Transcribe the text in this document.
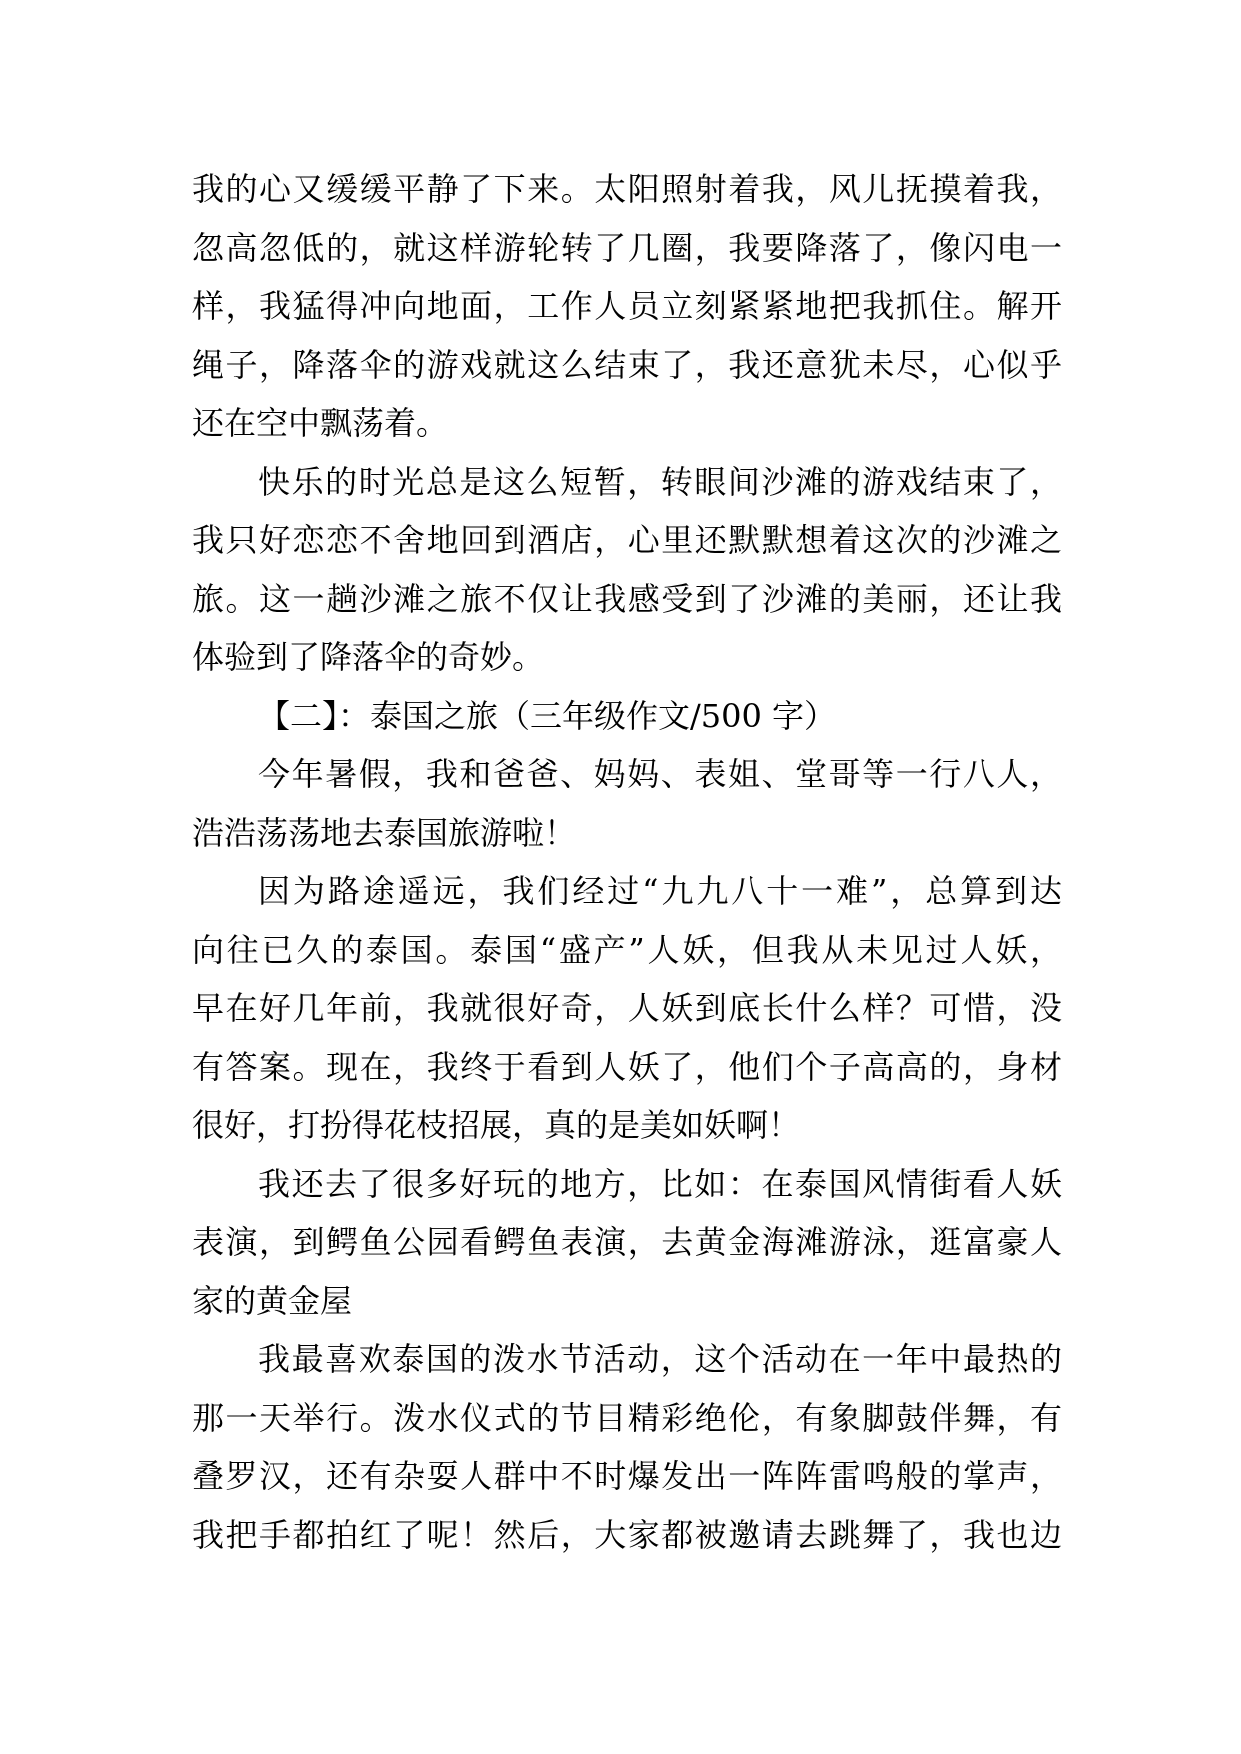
我的心又缓缓平静了下来。太阳照射着我，风儿抚摸着我，
忽高忽低的，就这样游轮转了几圈，我要降落了，像闪电一
样，我猛得冲向地面，工作人员立刻紧紧地把我抓住。解开
绳子，降落伞的游戏就这么结束了，我还意犹未尽，心似乎
还在空中飘荡着。
快乐的时光总是这么短暂，转眼间沙滩的游戏结束了，
我只好恋恋不舍地回到酒店，心里还默默想着这次的沙滩之
旅。这一趟沙滩之旅不仅让我感受到了沙滩的美丽，还让我
体验到了降落伞的奇妙。
【二】：泰国之旅（三年级作文/500 字）
今年暑假，我和爸爸、妈妈、表姐、堂哥等一行八人，
浩浩荡荡地去泰国旅游啦！
因为路途遥远，我们经过“九九八十一难”，总算到达
向往已久的泰国。泰国“盛产”人妖，但我从未见过人妖，
早在好几年前，我就很好奇，人妖到底长什么样？可惜，没
有答案。现在，我终于看到人妖了，他们个子高高的，身材
很好，打扮得花枝招展，真的是美如妖啊！
我还去了很多好玩的地方，比如：在泰国风情街看人妖
表演，到鳄鱼公园看鳄鱼表演，去黄金海滩游泳，逛富豪人
家的黄金屋
我最喜欢泰国的泼水节活动，这个活动在一年中最热的
那一天举行。泼水仪式的节目精彩绝伦，有象脚鼓伴舞，有
叠罗汉，还有杂耍人群中不时爆发出一阵阵雷鸣般的掌声，
我把手都拍红了呢！然后，大家都被邀请去跳舞了，我也边
